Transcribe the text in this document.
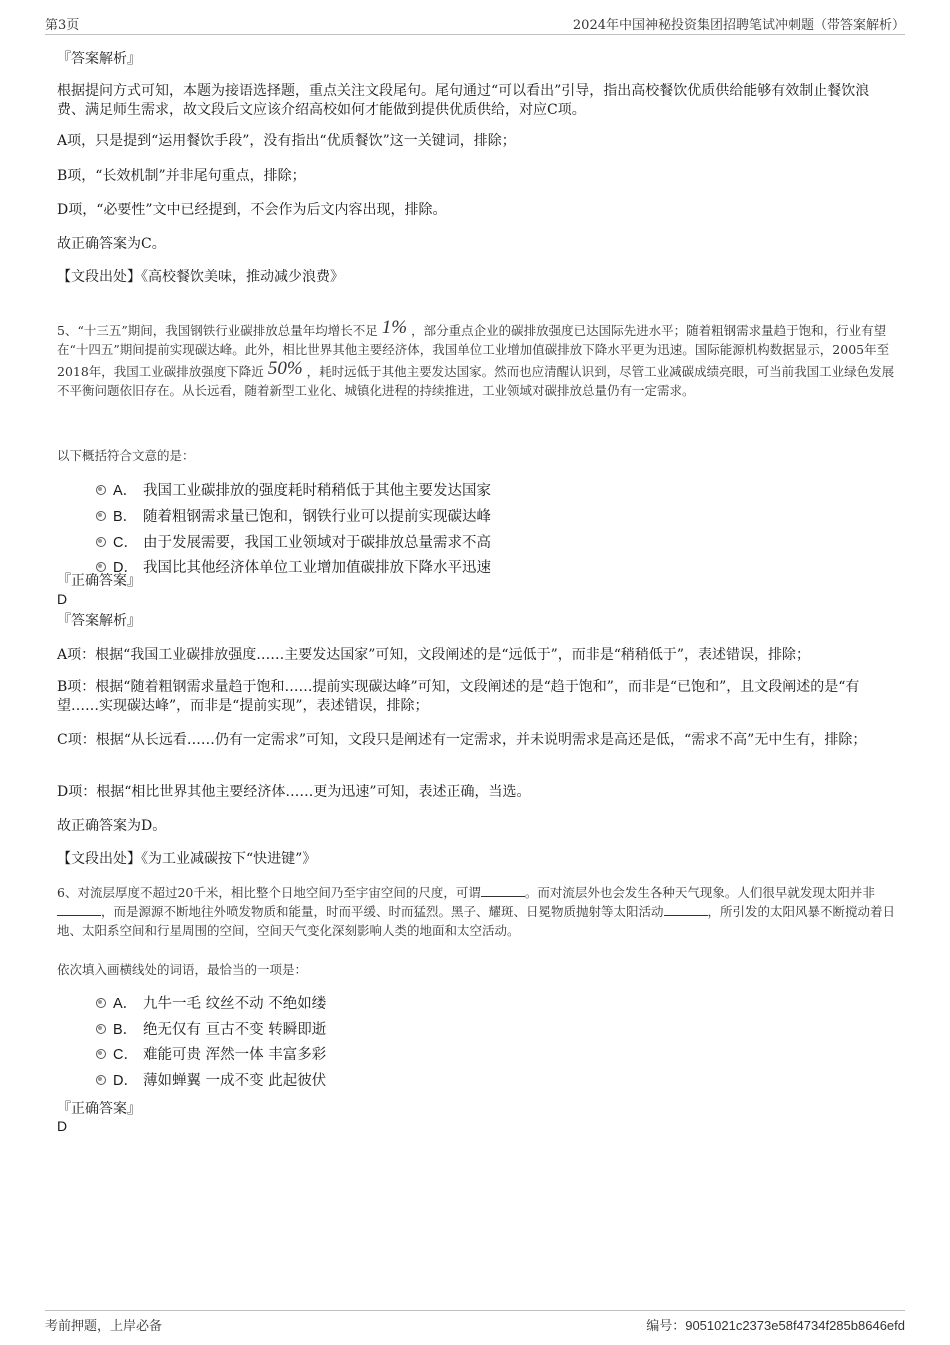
第3页	2024年中国神秘投资集团招聘笔试冲刺题（带答案解析）
『答案解析』
根据提问方式可知，本题为接语选择题，重点关注文段尾句。尾句通过“可以看出”引导，指出高校餐饮优质供给能够有效制止餐饮浪费、满足师生需求，故文段后文应该介绍高校如何才能做到提供优质供给，对应C项。
A项，只是提到“运用餐饮手段”，没有指出“优质餐饮”这一关键词，排除；
B项，“长效机制”并非尾句重点，排除；
D项，“必要性”文中已经提到，不会作为后文内容出现，排除。
故正确答案为C。
【文段出处】《高校餐饮美味，推动减少浪费》
5、“十三五”期间，我国钢铁行业碳排放总量年均增长不足 1% ，部分重点企业的碳排放强度已达国际先进水平；随着粗钢需求量趋于饱和，行业有望在“十四五”期间提前实现碳达峰。此外，相比世界其他主要经济体，我国单位工业增加值碳排放下降水平更为迅速。国际能源机构数据显示，2005年至2018年，我国工业碳排放强度下降近 50% ，耗时远低于其他主要发达国家。然而也应清醒认识到，尽管工业减碳成绩亮眼，可当前我国工业绿色发展不平衡问题依旧存在。从长远看，随着新型工业化、城镇化进程的持续推进，工业领域对碳排放总量仍有一定需求。
以下概括符合文意的是：
A． 我国工业碳排放的强度耗时稍稍低于其他主要发达国家
B． 随着粗钢需求量已饱和，钢铁行业可以提前实现碳达峰
C． 由于发展需要，我国工业领域对于碳排放总量需求不高
D． 我国比其他经济体单位工业增加值碳排放下降水平迅速
『正确答案』
D
『答案解析』
A项：根据“我国工业碳排放强度……主要发达国家”可知，文段阐述的是“远低于”，而非是“稍稍低于”，表述错误，排除；
B项：根据“随着粗钢需求量趋于饱和……提前实现碳达峰”可知，文段阐述的是“趋于饱和”，而非是“已饱和”，且文段阐述的是“有望……实现碳达峰”，而非是“提前实现”，表述错误，排除；
C项：根据“从长远看……仍有一定需求”可知，文段只是阐述有一定需求，并未说明需求是高还是低，“需求不高”无中生有，排除；
D项：根据“相比世界其他主要经济体……更为迅速”可知，表述正确，当选。
故正确答案为D。
【文段出处】《为工业减碳按下“快进键”》
6、对流层厚度不超过20千米，相比整个日地空间乃至宇宙空间的尺度，可谓	。而对流层外也会发生各种天气现象。人们很早就发现太阳并非，而是源源不断地往外喷发物质和能量，时而平缓、时而猛烈。黑子、耀斑、日冕物质抛射等太阳活动	，所引发的太阳风暴不断搅动着日地、太阳系空间和行星周围的空间，空间天气变化深刻影响人类的地面和太空活动。
依次填入画横线处的词语，最恰当的一项是：
A． 九牛一毛 纹丝不动 不绝如缕
B． 绝无仅有 亘古不变 转瞬即逝
C． 难能可贵 浑然一体 丰富多彩
D． 薄如蝉翼 一成不变 此起彼伏
『正确答案』
D
考前押题，上岸必备	编号：9051021c2373e58f4734f285b8646efd
